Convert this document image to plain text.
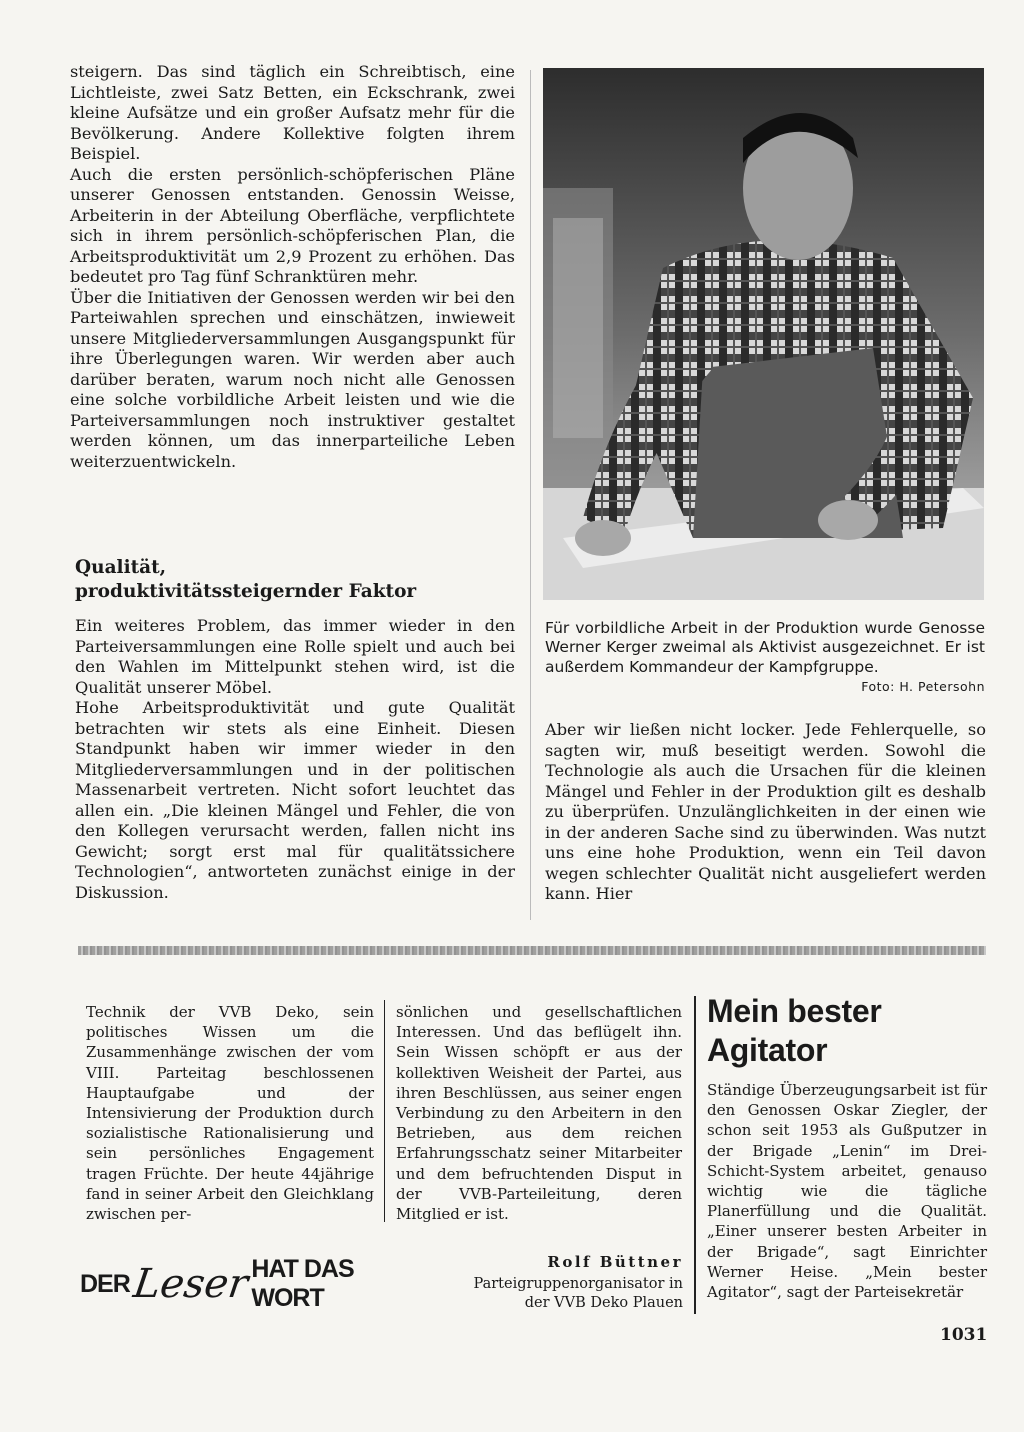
steigern. Das sind täglich ein Schreibtisch, eine Lichtleiste, zwei Satz Betten, ein Eckschrank, zwei kleine Aufsätze und ein großer Aufsatz mehr für die Bevölkerung. Andere Kollektive folgten ihrem Beispiel.

Auch die ersten persönlich-schöpferischen Pläne unserer Genossen entstanden. Genossin Weisse, Arbeiterin in der Abteilung Oberfläche, verpflichtete sich in ihrem persönlich-schöpferischen Plan, die Arbeitsproduktivität um 2,9 Prozent zu erhöhen. Das bedeutet pro Tag fünf Schranktüren mehr.

Über die Initiativen der Genossen werden wir bei den Parteiwahlen sprechen und einschätzen, inwieweit unsere Mitgliederversammlungen Ausgangspunkt für ihre Überlegungen waren. Wir werden aber auch darüber beraten, warum noch nicht alle Genossen eine solche vorbildliche Arbeit leisten und wie die Parteiversammlungen noch instruktiver gestaltet werden können, um das innerparteiliche Leben weiterzuentwickeln.

Qualität, produktivitätssteigernder Faktor

Ein weiteres Problem, das immer wieder in den Parteiversammlungen eine Rolle spielt und auch bei den Wahlen im Mittelpunkt stehen wird, ist die Qualität unserer Möbel.

Hohe Arbeitsproduktivität und gute Qualität betrachten wir stets als eine Einheit. Diesen Standpunkt haben wir immer wieder in den Mitgliederversammlungen und in der politischen Massenarbeit vertreten. Nicht sofort leuchtet das allen ein. „Die kleinen Mängel und Fehler, die von den Kollegen verursacht werden, fallen nicht ins Gewicht; sorgt erst mal für qualitätssichere Technologien“, antworteten zunächst einige in der Diskussion.

Für vorbildliche Arbeit in der Produktion wurde Genosse Werner Kerger zweimal als Aktivist ausgezeichnet. Er ist außerdem Kommandeur der Kampfgruppe.
Foto: H. Petersohn

Aber wir ließen nicht locker. Jede Fehlerquelle, so sagten wir, muß beseitigt werden. Sowohl die Technologie als auch die Ursachen für die kleinen Mängel und Fehler in der Produktion gilt es deshalb zu überprüfen. Unzulänglichkeiten in der einen wie in der anderen Sache sind zu überwinden. Was nutzt uns eine hohe Produktion, wenn ein Teil davon wegen schlechter Qualität nicht ausgeliefert werden kann. Hier

Technik der VVB Deko, sein politisches Wissen um die Zusammenhänge zwischen der vom VIII. Parteitag beschlossenen Hauptaufgabe und der Intensivierung der Produktion durch sozialistische Rationalisierung und sein persönliches Engagement tragen Früchte. Der heute 44jährige fand in seiner Arbeit den Gleichklang zwischen per-

sönlichen und gesellschaftlichen Interessen. Und das beflügelt ihn. Sein Wissen schöpft er aus der kollektiven Weisheit der Partei, aus ihren Beschlüssen, aus seiner engen Verbindung zu den Arbeitern in den Betrieben, aus dem reichen Erfahrungsschatz seiner Mitarbeiter und dem befruchtenden Disput in der VVB-Parteileitung, deren Mitglied er ist.

Rolf Büttner
Parteigruppenorganisator in der VVB Deko Plauen
DER Leser HAT DAS WORT
Mein bester Agitator

Ständige Überzeugungsarbeit ist für den Genossen Oskar Ziegler, der schon seit 1953 als Gußputzer in der Brigade „Lenin“ im Drei-Schicht-System arbeitet, genauso wichtig wie die tägliche Planerfüllung und die Qualität. „Einer unserer besten Arbeiter in der Brigade“, sagt Einrichter Werner Heise. „Mein bester Agitator“, sagt der Parteisekretär

1031
